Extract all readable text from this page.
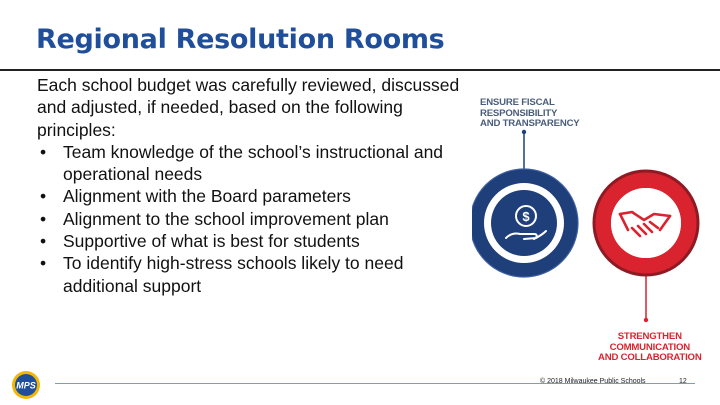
Regional Resolution Rooms

Each school budget was carefully reviewed, discussed and adjusted, if needed, based on the following principles:

• Team knowledge of the school’s instructional and operational needs
• Alignment with the Board parameters
• Alignment to the school improvement plan
• Supportive of what is best for students
• To identify high-stress schools likely to need additional support
$
ENSURE FISCAL
RESPONSIBILITY
AND TRANSPARENCY
STRENGTHEN
COMMUNICATION
AND COLLABORATION
MPS	© 2018 Milwaukee Public Schools	12
